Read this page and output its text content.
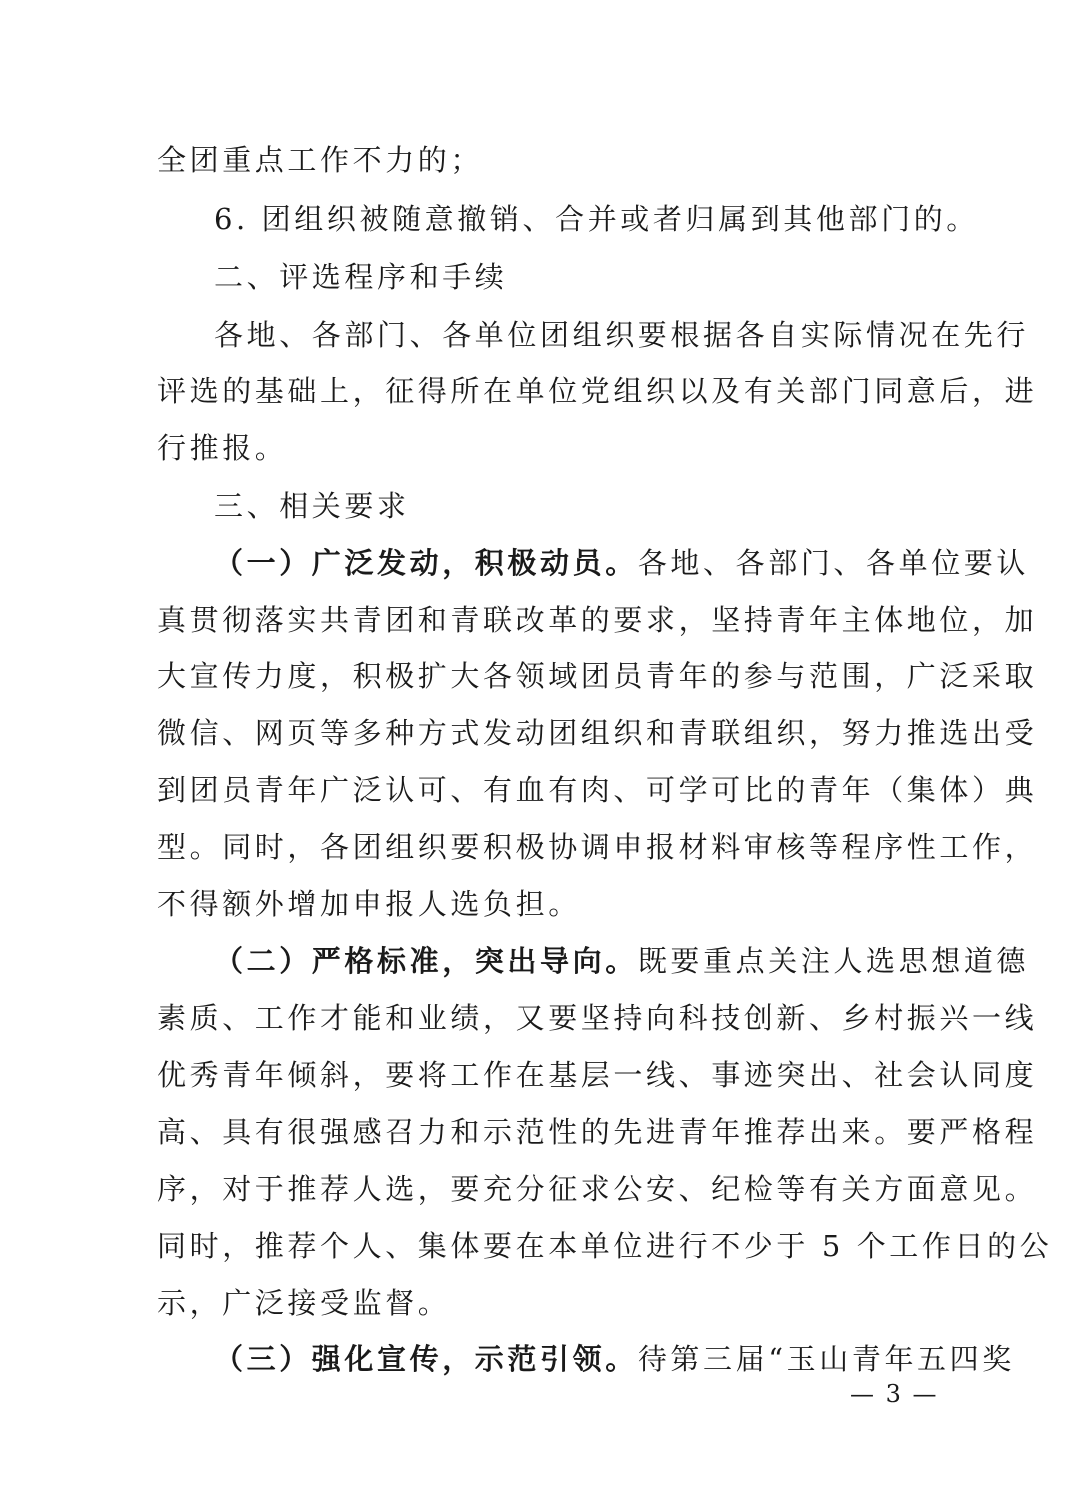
全团重点工作不力的；
6. 团组织被随意撤销、合并或者归属到其他部门的。
二、评选程序和手续
各地、各部门、各单位团组织要根据各自实际情况在先行
评选的基础上，征得所在单位党组织以及有关部门同意后，进
行推报。
三、相关要求
（一）广泛发动，积极动员。各地、各部门、各单位要认
真贯彻落实共青团和青联改革的要求，坚持青年主体地位，加
大宣传力度，积极扩大各领域团员青年的参与范围，广泛采取
微信、网页等多种方式发动团组织和青联组织，努力推选出受
到团员青年广泛认可、有血有肉、可学可比的青年（集体）典
型。同时，各团组织要积极协调申报材料审核等程序性工作，
不得额外增加申报人选负担。
（二）严格标准，突出导向。既要重点关注人选思想道德
素质、工作才能和业绩，又要坚持向科技创新、乡村振兴一线
优秀青年倾斜，要将工作在基层一线、事迹突出、社会认同度
高、具有很强感召力和示范性的先进青年推荐出来。要严格程
序，对于推荐人选，要充分征求公安、纪检等有关方面意见。
同时，推荐个人、集体要在本单位进行不少于 5 个工作日的公
示，广泛接受监督。
（三）强化宣传，示范引领。待第三届“玉山青年五四奖
— 3 —
